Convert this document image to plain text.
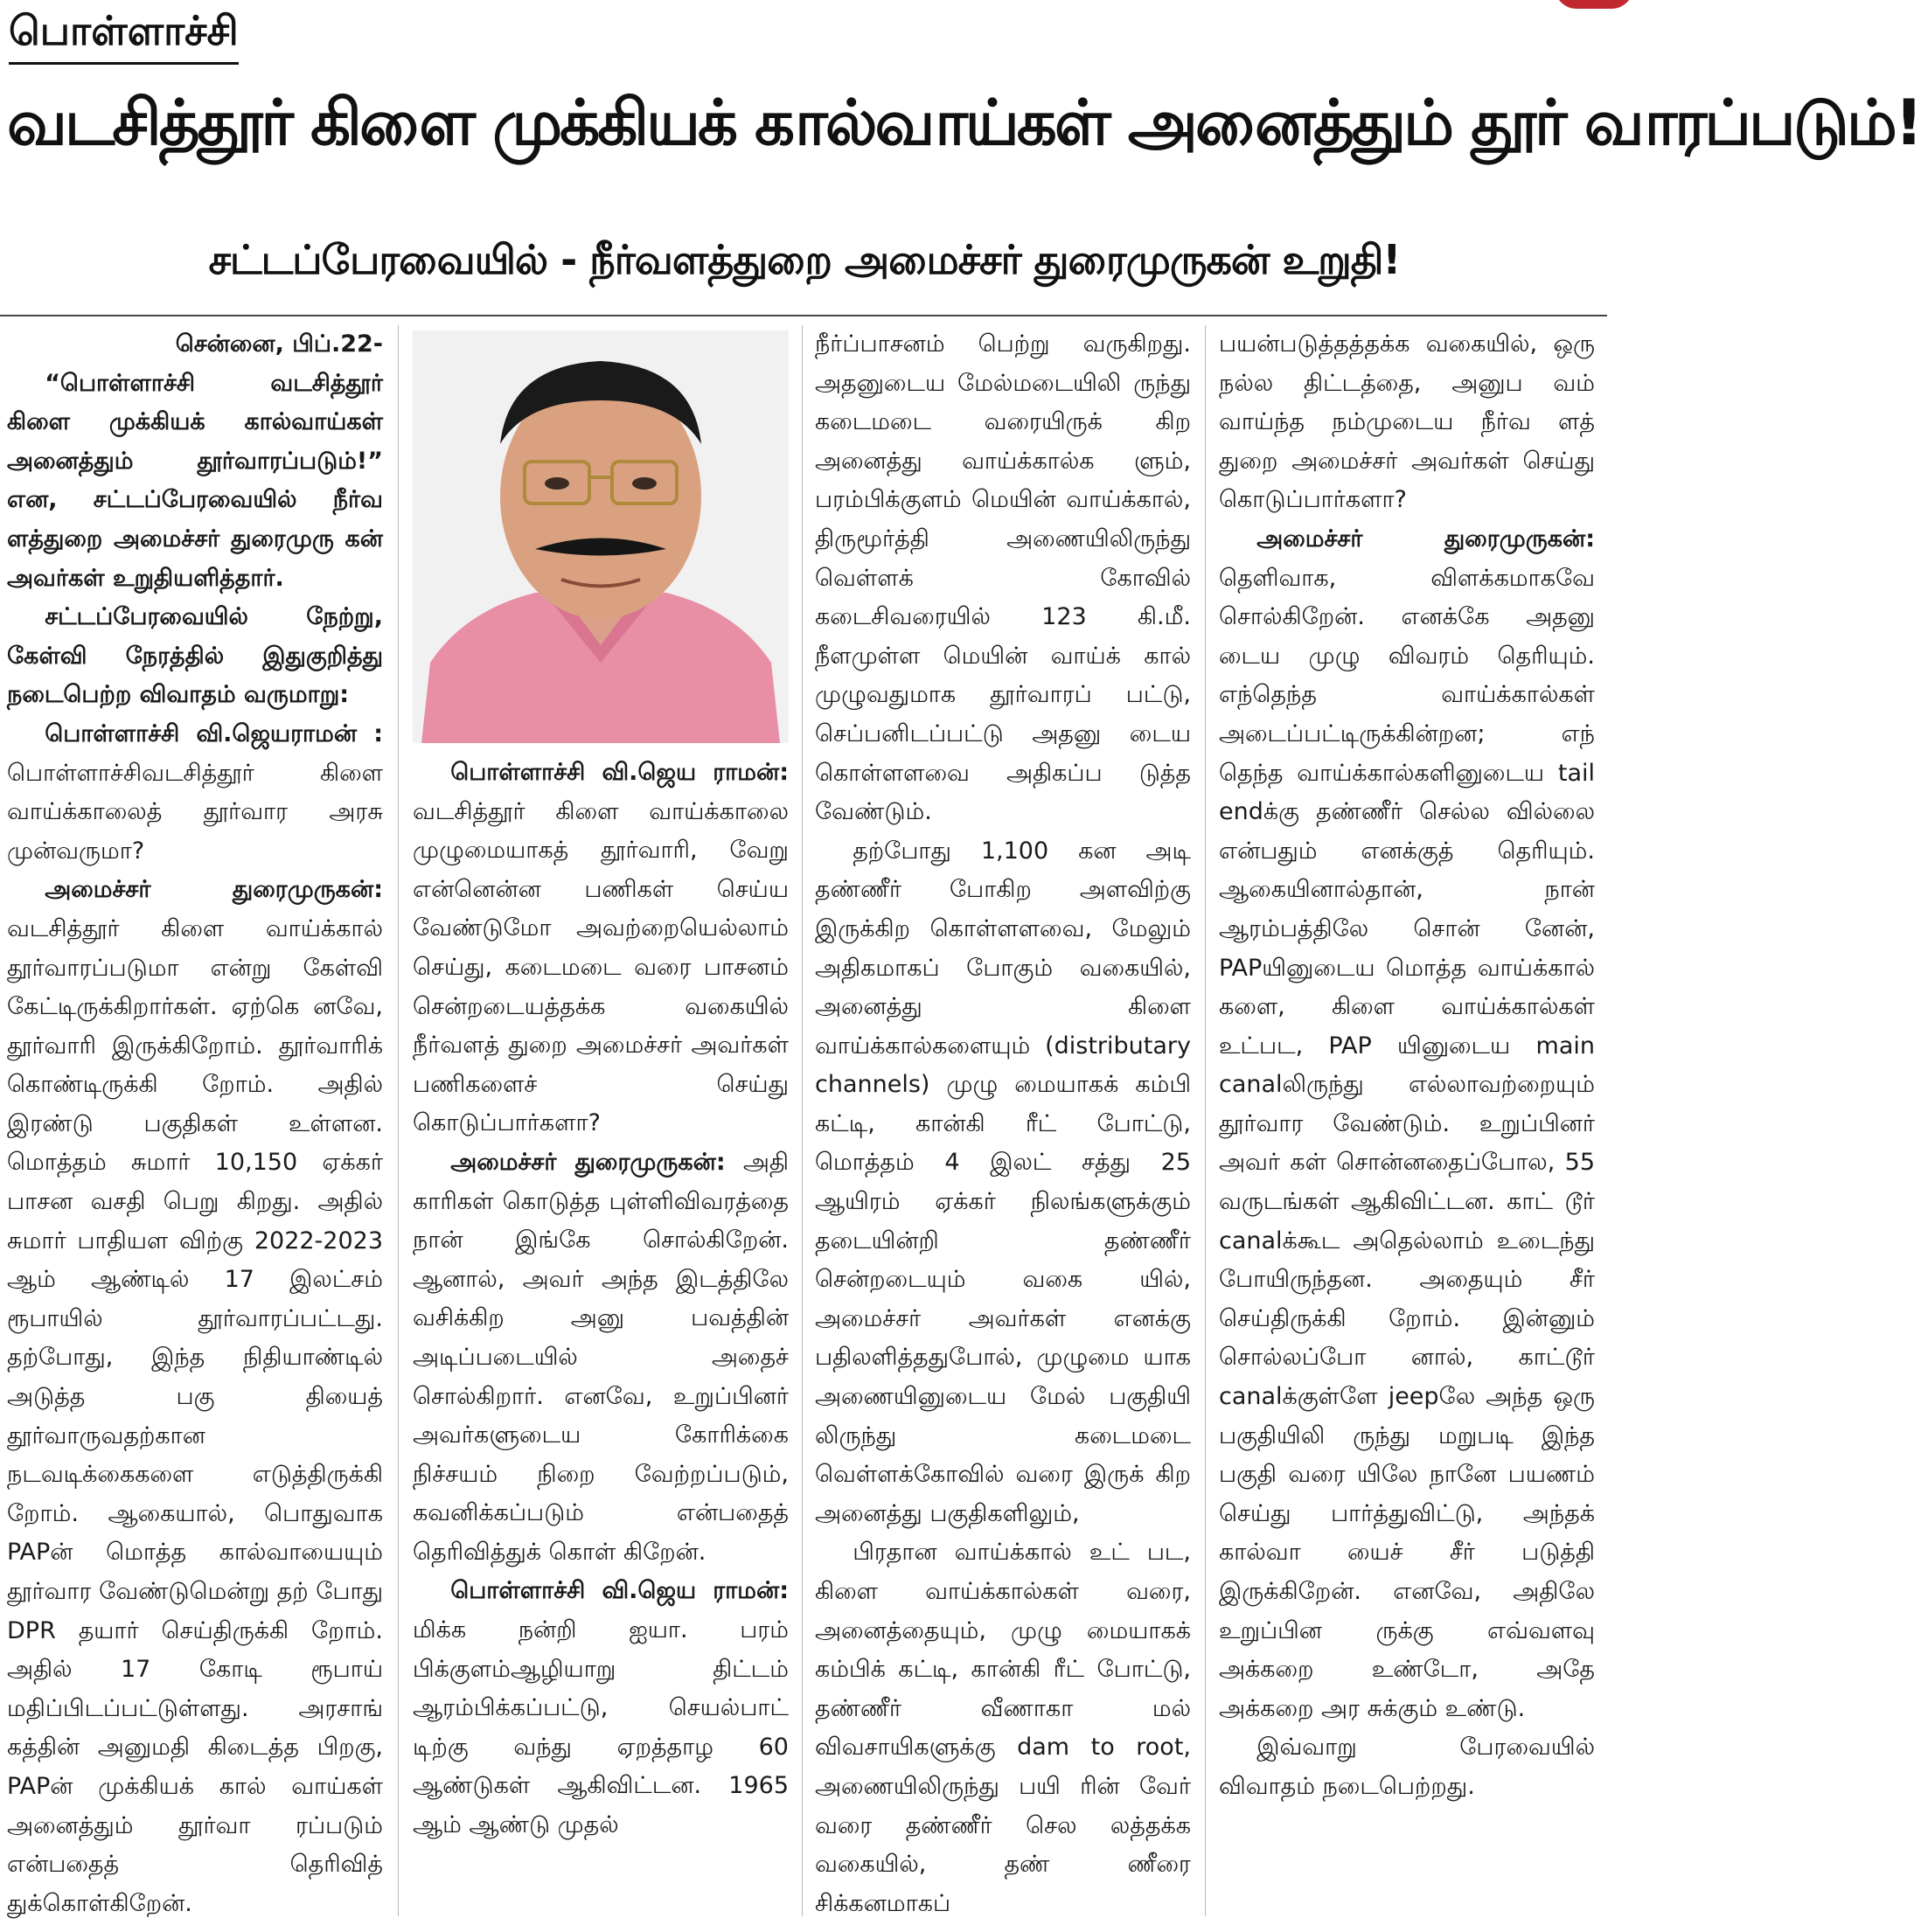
பொள்ளாச்சி
வடசித்தூர் கிளை முக்கியக் கால்வாய்கள் அனைத்தும் தூர் வாரப்படும்!
சட்டப்பேரவையில் - நீர்வளத்துறை அமைச்சர் துரைமுருகன் உறுதி!

சென்னை, பிப்.22-

“பொள்ளாச்சி வடசித்தூர் கிளை முக்கியக் கால்வாய்கள் அனைத்தும் தூர்வாரப்படும்!” என, சட்டப்பேரவையில் நீர்வ ளத்துறை அமைச்சர் துரைமுரு கன் அவர்கள் உறுதியளித்தார்.

சட்டப்பேரவையில் நேற்று, கேள்வி நேரத்தில் இதுகுறித்து நடைபெற்ற விவாதம் வருமாறு:

பொள்ளாச்சி வி.ஜெயராமன் : பொள்ளாச்சிவடசித்தூர் கிளை வாய்க்காலைத் தூர்வார அரசு முன்வருமா?

அமைச்சர் துரைமுருகன்: வடசித்தூர் கிளை வாய்க்கால் தூர்வாரப்படுமா என்று கேள்வி கேட்டிருக்கிறார்கள். ஏற்கெ னவே, தூர்வாரி இருக்கிறோம். தூர்வாரிக் கொண்டிருக்கி றோம். அதில் இரண்டு பகுதிகள் உள்ளன. மொத்தம் சுமார் 10,150 ஏக்கர் பாசன வசதி பெறு கிறது. அதில் சுமார் பாதியள விற்கு 2022-2023 ஆம் ஆண்டில் 17 இலட்சம் ரூபாயில் தூர்வாரப்பட்டது. தற்போது, இந்த நிதியாண்டில் அடுத்த பகு தியைத் தூர்வாருவதற்கான நடவடிக்கைகளை எடுத்திருக்கி றோம். ஆகையால், பொதுவாக PAPன் மொத்த கால்வாயையும் தூர்வார வேண்டுமென்று தற் போது DPR தயார் செய்திருக்கி றோம். அதில் 17 கோடி ரூபாய் மதிப்பிடப்பட்டுள்ளது. அரசாங் கத்தின் அனுமதி கிடைத்த பிறகு, PAPன் முக்கியக் கால் வாய்கள் அனைத்தும் தூர்வா ரப்படும் என்பதைத் தெரிவித் துக்கொள்கிறேன்.

பொள்ளாச்சி வி.ஜெய ராமன்: வடசித்தூர் கிளை வாய்க்காலை முழுமையாகத் தூர்வாரி, வேறு என்னென்ன பணிகள் செய்ய வேண்டுமோ அவற்றையெல்லாம் செய்து, கடைமடை வரை பாசனம் சென்றடையத்தக்க வகையில் நீர்வளத் துறை அமைச்சர் அவர்கள் பணிகளைச் செய்து கொடுப்பார்களா?

அமைச்சர் துரைமுருகன்: அதி காரிகள் கொடுத்த புள்ளிவிவரத்தை நான் இங்கே சொல்கிறேன். ஆனால், அவர் அந்த இடத்திலே வசிக்கிற அனு பவத்தின் அடிப்படையில் அதைச் சொல்கிறார். எனவே, உறுப்பினர் அவர்களுடைய கோரிக்கை நிச்சயம் நிறை வேற்றப்படும், கவனிக்கப்படும் என்பதைத் தெரிவித்துக் கொள் கிறேன்.

பொள்ளாச்சி வி.ஜெய ராமன்: மிக்க நன்றி ஐயா. பரம் பிக்குளம்ஆழியாறு திட்டம் ஆரம்பிக்கப்பட்டு, செயல்பாட் டிற்கு வந்து ஏறத்தாழ 60 ஆண்டுகள் ஆகிவிட்டன. 1965 ஆம் ஆண்டு முதல்

நீர்ப்பாசனம் பெற்று வருகிறது. அதனுடைய மேல்மடையிலி ருந்து கடைமடை வரையிருக் கிற அனைத்து வாய்க்கால்க ளும், பரம்பிக்குளம் மெயின் வாய்க்கால், திருமூர்த்தி அணையிலிருந்து வெள்ளக் கோவில் கடைசிவரையில் 123 கி.மீ. நீளமுள்ள மெயின் வாய்க் கால் முழுவதுமாக தூர்வாரப் பட்டு, செப்பனிடப்பட்டு அதனு டைய கொள்ளளவை அதிகப்ப டுத்த வேண்டும்.

தற்போது 1,100 கன அடி தண்ணீர் போகிற அளவிற்கு இருக்கிற கொள்ளளவை, மேலும் அதிகமாகப் போகும் வகையில், அனைத்து கிளை வாய்க்கால்களையும் (distributary channels) முழு மையாகக் கம்பி கட்டி, கான்கி ரீட் போட்டு, மொத்தம் 4 இலட் சத்து 25 ஆயிரம் ஏக்கர் நிலங்களுக்கும் தடையின்றி தண்ணீர் சென்றடையும் வகை யில், அமைச்சர் அவர்கள் எனக்கு பதிலளித்ததுபோல், முழுமை யாக அணையினுடைய மேல் பகுதியி லிருந்து கடைமடை வெள்ளக்கோவில் வரை இருக் கிற அனைத்து பகுதிகளிலும்,

பிரதான வாய்க்கால் உட் பட, கிளை வாய்க்கால்கள் வரை, அனைத்தையும், முழு மையாகக் கம்பிக் கட்டி, கான்கி ரீட் போட்டு, தண்ணீர் வீணாகா மல் விவசாயிகளுக்கு dam to root, அணையிலிருந்து பயி ரின் வேர் வரை தண்ணீர் செல லத்தக்க வகையில், தண் ணீரை சிக்கனமாகப்

பயன்படுத்தத்தக்க வகையில், ஒரு நல்ல திட்டத்தை, அனுப வம் வாய்ந்த நம்முடைய நீர்வ ளத் துறை அமைச்சர் அவர்கள் செய்து கொடுப்பார்களா?

அமைச்சர் துரைமுருகன்: தெளிவாக, விளக்கமாகவே சொல்கிறேன். எனக்கே அதனு டைய முழு விவரம் தெரியும். எந்தெந்த வாய்க்கால்கள் அடைப்பட்டிருக்கின்றன; எந் தெந்த வாய்க்கால்களினுடைய tail endக்கு தண்ணீர் செல்ல வில்லை என்பதும் எனக்குத் தெரியும். ஆகையினால்தான், நான் ஆரம்பத்திலே சொன் னேன், PAPயினுடைய மொத்த வாய்க்கால் களை, கிளை வாய்க்கால்கள் உட்பட, PAP யினுடைய main canalலிருந்து எல்லாவற்றையும் தூர்வார வேண்டும். உறுப்பினர் அவர் கள் சொன்னதைப்போல, 55 வருடங்கள் ஆகிவிட்டன. காட் டூர் canalக்கூட அதெல்லாம் உடைந்து போயிருந்தன. அதையும் சீர் செய்திருக்கி றோம். இன்னும் சொல்லப்போ னால், காட்டூர் canalக்குள்ளே jeepலே அந்த ஒரு பகுதியிலி ருந்து மறுபடி இந்த பகுதி வரை யிலே நானே பயணம் செய்து பார்த்துவிட்டு, அந்தக் கால்வா யைச் சீர் படுத்தி இருக்கிறேன். எனவே, அதிலே உறுப்பின ருக்கு எவ்வளவு அக்கறை உண்டோ, அதே அக்கறை அர சுக்கும் உண்டு.

இவ்வாறு பேரவையில் விவாதம் நடைபெற்றது.
